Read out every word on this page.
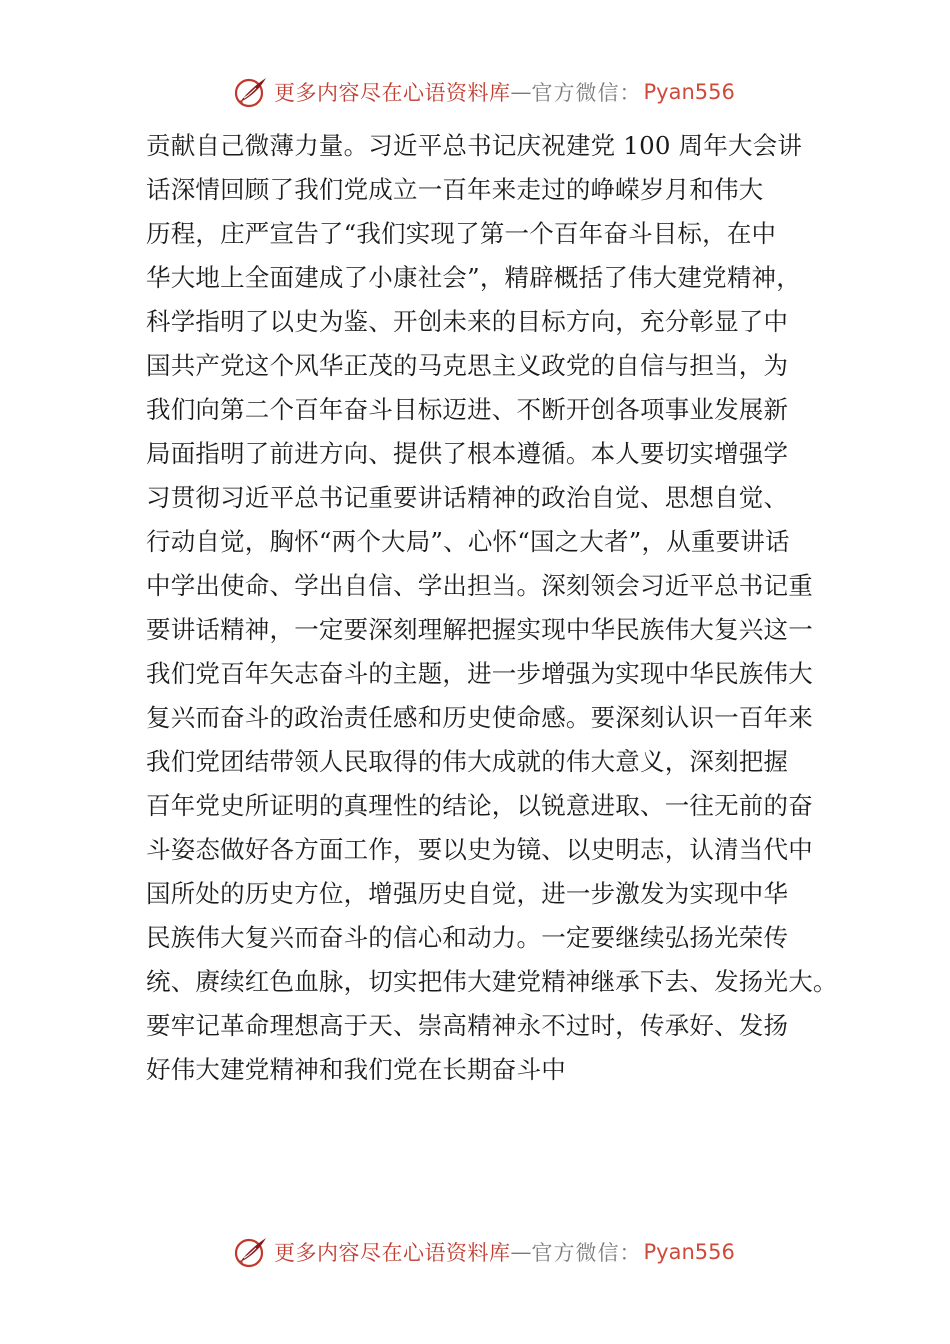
更多内容尽在心语资料库 — 官方微信： Pyan556
贡献自己微薄力量。习近平总书记庆祝建党 100 周年大会讲
话深情回顾了我们党成立一百年来走过的峥嵘岁月和伟大
历程，庄严宣告了“我们实现了第一个百年奋斗目标，在中
华大地上全面建成了小康社会”，精辟概括了伟大建党精神，
科学指明了以史为鉴、开创未来的目标方向，充分彰显了中
国共产党这个风华正茂的马克思主义政党的自信与担当，为
我们向第二个百年奋斗目标迈进、不断开创各项事业发展新
局面指明了前进方向、提供了根本遵循。本人要切实增强学
习贯彻习近平总书记重要讲话精神的政治自觉、思想自觉、
行动自觉，胸怀“两个大局”、心怀“国之大者”，从重要讲话
中学出使命、学出自信、学出担当。深刻领会习近平总书记重
要讲话精神，一定要深刻理解把握实现中华民族伟大复兴这一
我们党百年矢志奋斗的主题，进一步增强为实现中华民族伟大
复兴而奋斗的政治责任感和历史使命感。要深刻认识一百年来
我们党团结带领人民取得的伟大成就的伟大意义，深刻把握
百年党史所证明的真理性的结论，以锐意进取、一往无前的奋
斗姿态做好各方面工作，要以史为镜、以史明志，认清当代中
国所处的历史方位，增强历史自觉，进一步激发为实现中华
民族伟大复兴而奋斗的信心和动力。一定要继续弘扬光荣传
统、赓续红色血脉，切实把伟大建党精神继承下去、发扬光大。
要牢记革命理想高于天、崇高精神永不过时，传承好、发扬
好伟大建党精神和我们党在长期奋斗中
更多内容尽在心语资料库 — 官方微信： Pyan556
